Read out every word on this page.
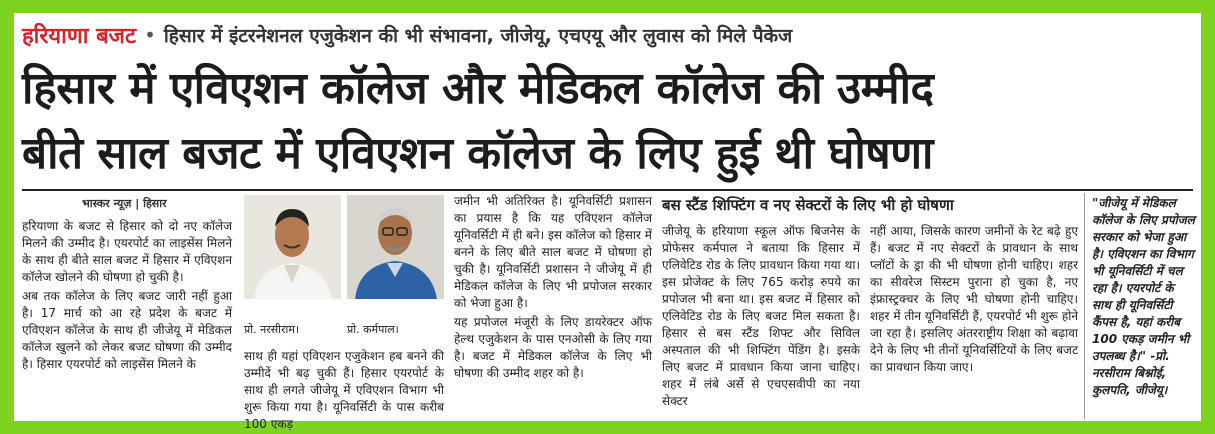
हरियाणा बजट • हिसार में इंटरनेशनल एजुकेशन की भी संभावना, जीजेयू, एचएयू और लुवास को मिले पैकेज
हिसार में एविएशन कॉलेज और मेडिकल कॉलेज की उम्मीद
बीते साल बजट में एविएशन कॉलेज के लिए हुई थी घोषणा
भास्कर न्यूज़ | हिसार

हरियाणा के बजट से हिसार को दो नए कॉलेज मिलने की उम्मीद है। एयरपोर्ट का लाइसेंस मिलने के साथ ही बीते साल बजट में हिसार में एविएशन कॉलेज खोलने की घोषणा हो चुकी है।

अब तक कॉलेज के लिए बजट जारी नहीं हुआ है। 17 मार्च को आ रहे प्रदेश के बजट में एविएशन कॉलेज के साथ ही जीजेयू में मेडिकल कॉलेज खुलने को लेकर बजट घोषणा की उम्मीद है। हिसार एयरपोर्ट को लाइसेंस मिलने के

प्रो. नरसीराम।	प्रो. कर्मपाल।

साथ ही यहां एविएशन एजुकेशन हब बनने की उम्मीदें भी बढ़ चुकी हैं। हिसार एयरपोर्ट के साथ ही लगते जीजेयू में एविएशन विभाग भी शुरू किया गया है। यूनिवर्सिटी के पास करीब 100 एकड़

जमीन भी अतिरिक्त है। यूनिवर्सिटी प्रशासन का प्रयास है कि यह एविएशन कॉलेज यूनिवर्सिटी में ही बने। इस कॉलेज को हिसार में बनने के लिए बीते साल बजट में घोषणा हो चुकी है। यूनिवर्सिटी प्रशासन ने जीजेयू में ही मेडिकल कॉलेज के लिए भी प्रपोजल सरकार को भेजा हुआ है।

यह प्रपोजल मंजूरी के लिए डायरेक्टर ऑफ हेल्थ एजुकेशन के पास एनओसी के लिए गया है। बजट में मेडिकल कॉलेज के लिए भी घोषणा की उम्मीद शहर को है।

बस स्टैंड शिफ्टिंग व नए सेक्टरों के लिए भी हो घोषणा

जीजेयू के हरियाणा स्कूल ऑफ बिजनेस के प्रोफेसर कर्मपाल ने बताया कि हिसार में एलिवेटिड रोड के लिए प्रावधान किया गया था। इस प्रोजेक्ट के लिए 765 करोड़ रुपये का प्रपोजल भी बना था। इस बजट में हिसार को एलिवेटिड रोड के लिए बजट मिल सकता है। हिसार से बस स्टैंड शिफ्ट और सिविल अस्पताल की भी शिफ्टिंग पेंडिंग है। इसके लिए बजट में प्रावधान किया जाना चाहिए। शहर में लंबे अर्से से एचएसवीपी का नया सेक्टर

नहीं आया, जिसके कारण जमीनों के रेट बढ़े हुए हैं। बजट में नए सेक्टरों के प्रावधान के साथ प्लॉटों के ड्रा की भी घोषणा होनी चाहिए। शहर का सीवरेज सिस्टम पुराना हो चुका है, नए इंफ्रास्ट्रक्चर के लिए भी घोषणा होनी चाहिए। शहर में तीन यूनिवर्सिटी हैं, एयरपोर्ट भी शुरू होने जा रहा है। इसलिए अंतरराष्ट्रीय शिक्षा को बढ़ावा देने के लिए भी तीनों यूनिवर्सिटियों के लिए बजट का प्रावधान किया जाए।

"जीजेयू में मेडिकल कॉलेज के लिए प्रपोजल सरकार को भेजा हुआ है। एविएशन का विभाग भी यूनिवर्सिटी में चल रहा है। एयरपोर्ट के साथ ही यूनिवर्सिटी कैंपस है, यहां करीब 100 एकड़ जमीन भी उपलब्ध है।" -प्रो. नरसीराम बिश्नोई, कुलपति, जीजेयू।
